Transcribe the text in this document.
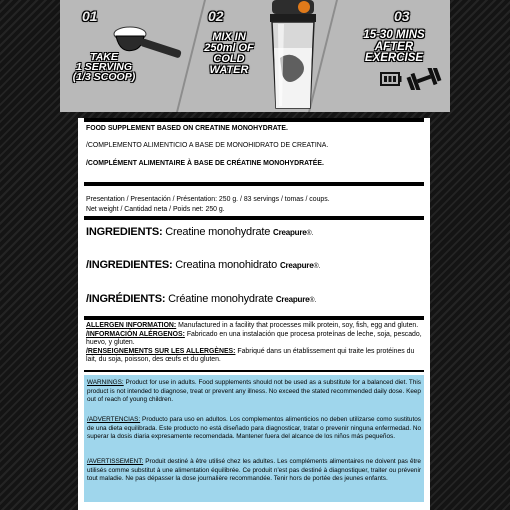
01
TAKE
1 SERVING
(1/3 SCOOP)
02
MIX IN
250ml OF
COLD
WATER
03
15-30 MINS
AFTER
EXERCISE
FOOD SUPPLEMENT BASED ON CREATINE MONOHYDRATE.
/COMPLEMENTO ALIMENTICIO A BASE DE MONOHIDRATO DE CREATINA.
/COMPLÉMENT ALIMENTAIRE À BASE DE CRÉATINE MONOHYDRATÉE.
Presentation / Presentación / Présentation: 250 g. / 83 servings / tomas / coups.
Net weight / Cantidad neta / Poids net: 250 g.
INGREDIENTS: Creatine monohydrate Creapure®.
/INGREDIENTES: Creatina monohidrato Creapure®.
/INGRÉDIENTS: Créatine monohydrate Creapure®.
ALLERGEN INFORMATION: Manufactured in a facility that processes milk protein, soy, fish, egg and gluten. /INFORMACIÓN ALÉRGENOS: Fabricado en una instalación que procesa proteínas de leche, soja, pescado, huevo, y gluten.
/RENSEIGNEMENTS SUR LES ALLERGÈNES: Fabriqué dans un établissement qui traite les protéines du lait, du soja, poisson, des œufs et du gluten.
WARNINGS: Product for use in adults. Food supplements should not be used as a substitute for a balanced diet. This product is not intended to diagnose, treat or prevent any illness. No exceed the stated recommended daily dose. Keep out of reach of young children.
/ADVERTENCIAS: Producto para uso en adultos. Los complementos alimenticios no deben utilizarse como sustitutos de una dieta equilibrada. Este producto no está diseñado para diagnosticar, tratar o prevenir ninguna enfermedad. No superar la dosis diaria expresamente recomendada. Mantener fuera del alcance de los niños más pequeños.
/AVERTISSEMENT: Produit destiné à être utilisé chez les adultes. Les compléments alimentaires ne doivent pas être utilisés comme substitut à une alimentation équilibrée. Ce produit n'est pas destiné à diagnostiquer, traiter ou prévenir tout maladie. Ne pas dépasser la dose journalière recommandée. Tenir hors de portée des jeunes enfants.
